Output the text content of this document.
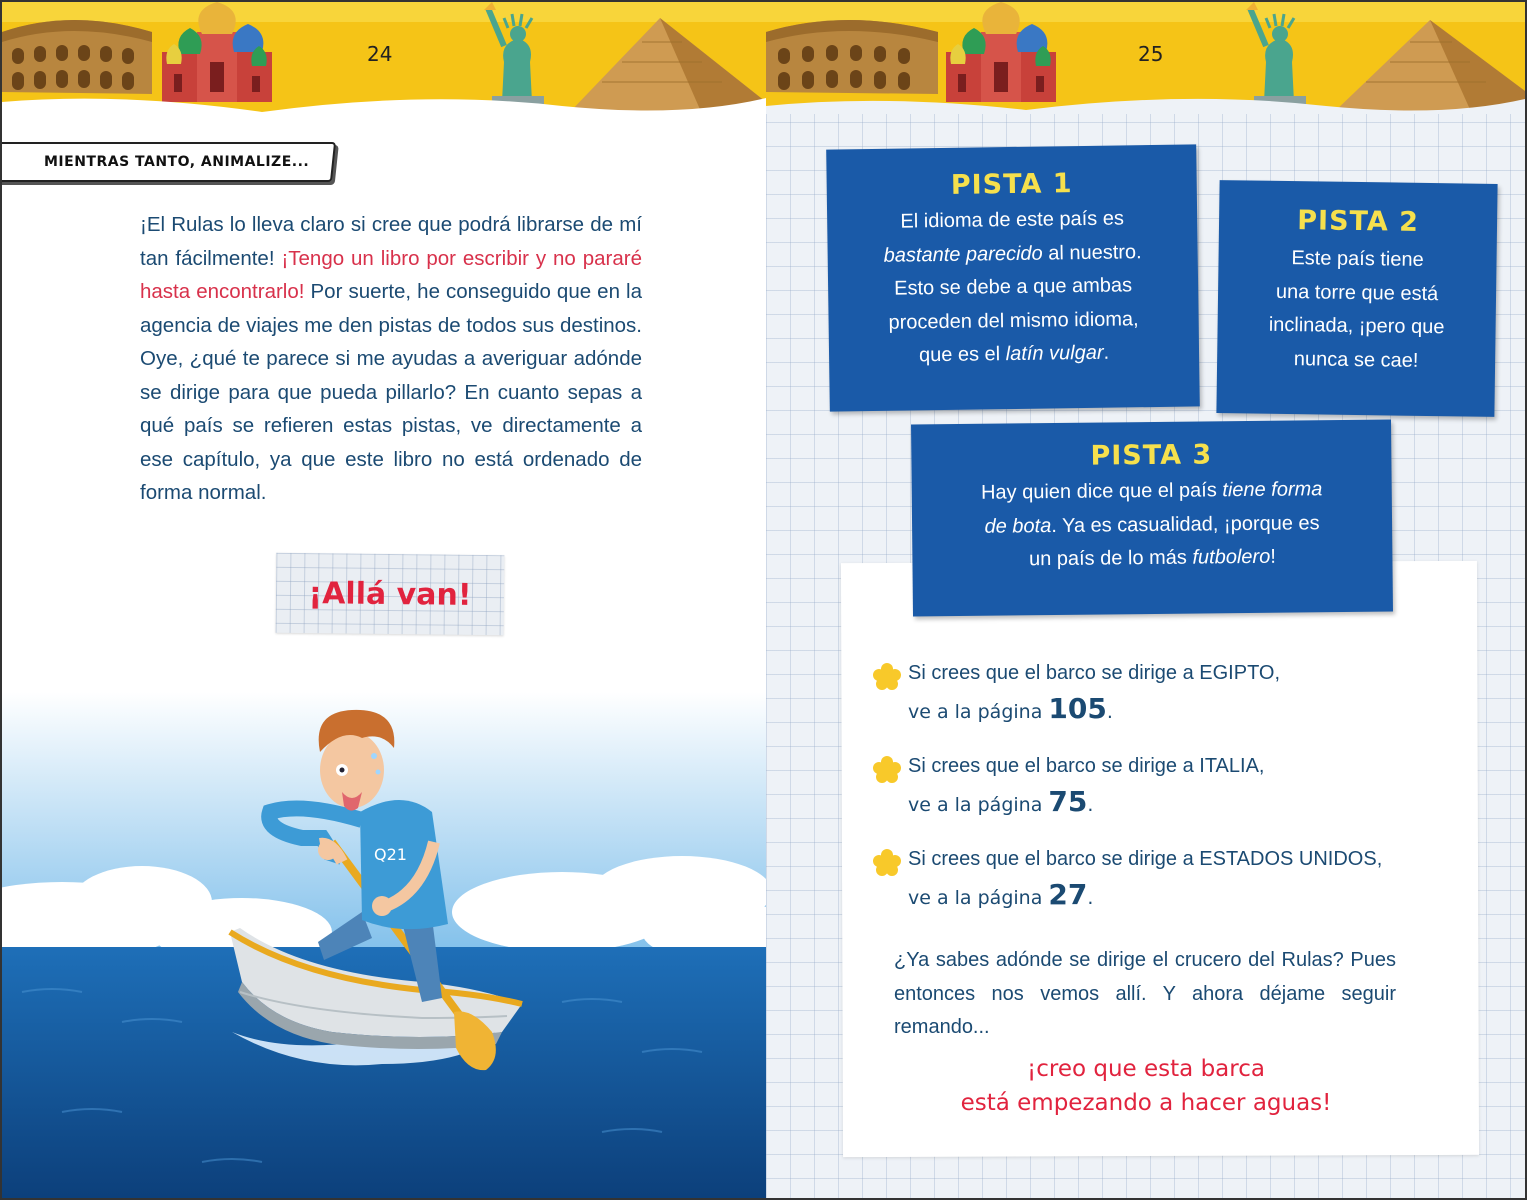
24
MIENTRAS TANTO, ANIMALIZE...
¡El Rulas lo lleva claro si cree que podrá librarse de mí tan fácilmente! ¡Tengo un libro por escribir y no pararé hasta encontrarlo! Por suerte, he conseguido que en la agencia de viajes me den pistas de todos sus destinos. Oye, ¿qué te parece si me ayudas a averiguar adónde se dirige para que pueda pillarlo? En cuanto sepas a qué país se refieren estas pistas, ve directamente a ese capítulo, ya que este libro no está ordenado de forma normal.
¡Allá van!
Q21
25
PISTA 1
El idioma de este país es
bastante parecido al nuestro.
Esto se debe a que ambas
proceden del mismo idioma,
que es el latín vulgar.
PISTA 2
Este país tiene
una torre que está
inclinada, ¡pero que
nunca se cae!
PISTA 3
Hay quien dice que el país tiene forma
de bota. Ya es casualidad, ¡porque es
un país de lo más futbolero!
Si crees que el barco se dirige a EGIPTO,
ve a la página 105.
Si crees que el barco se dirige a ITALIA,
ve a la página 75.
Si crees que el barco se dirige a ESTADOS UNIDOS,
ve a la página 27.
¿Ya sabes adónde se dirige el crucero del Rulas? Pues entonces nos vemos allí. Y ahora déjame seguir remando...
¡creo que esta barca
está empezando a hacer aguas!
